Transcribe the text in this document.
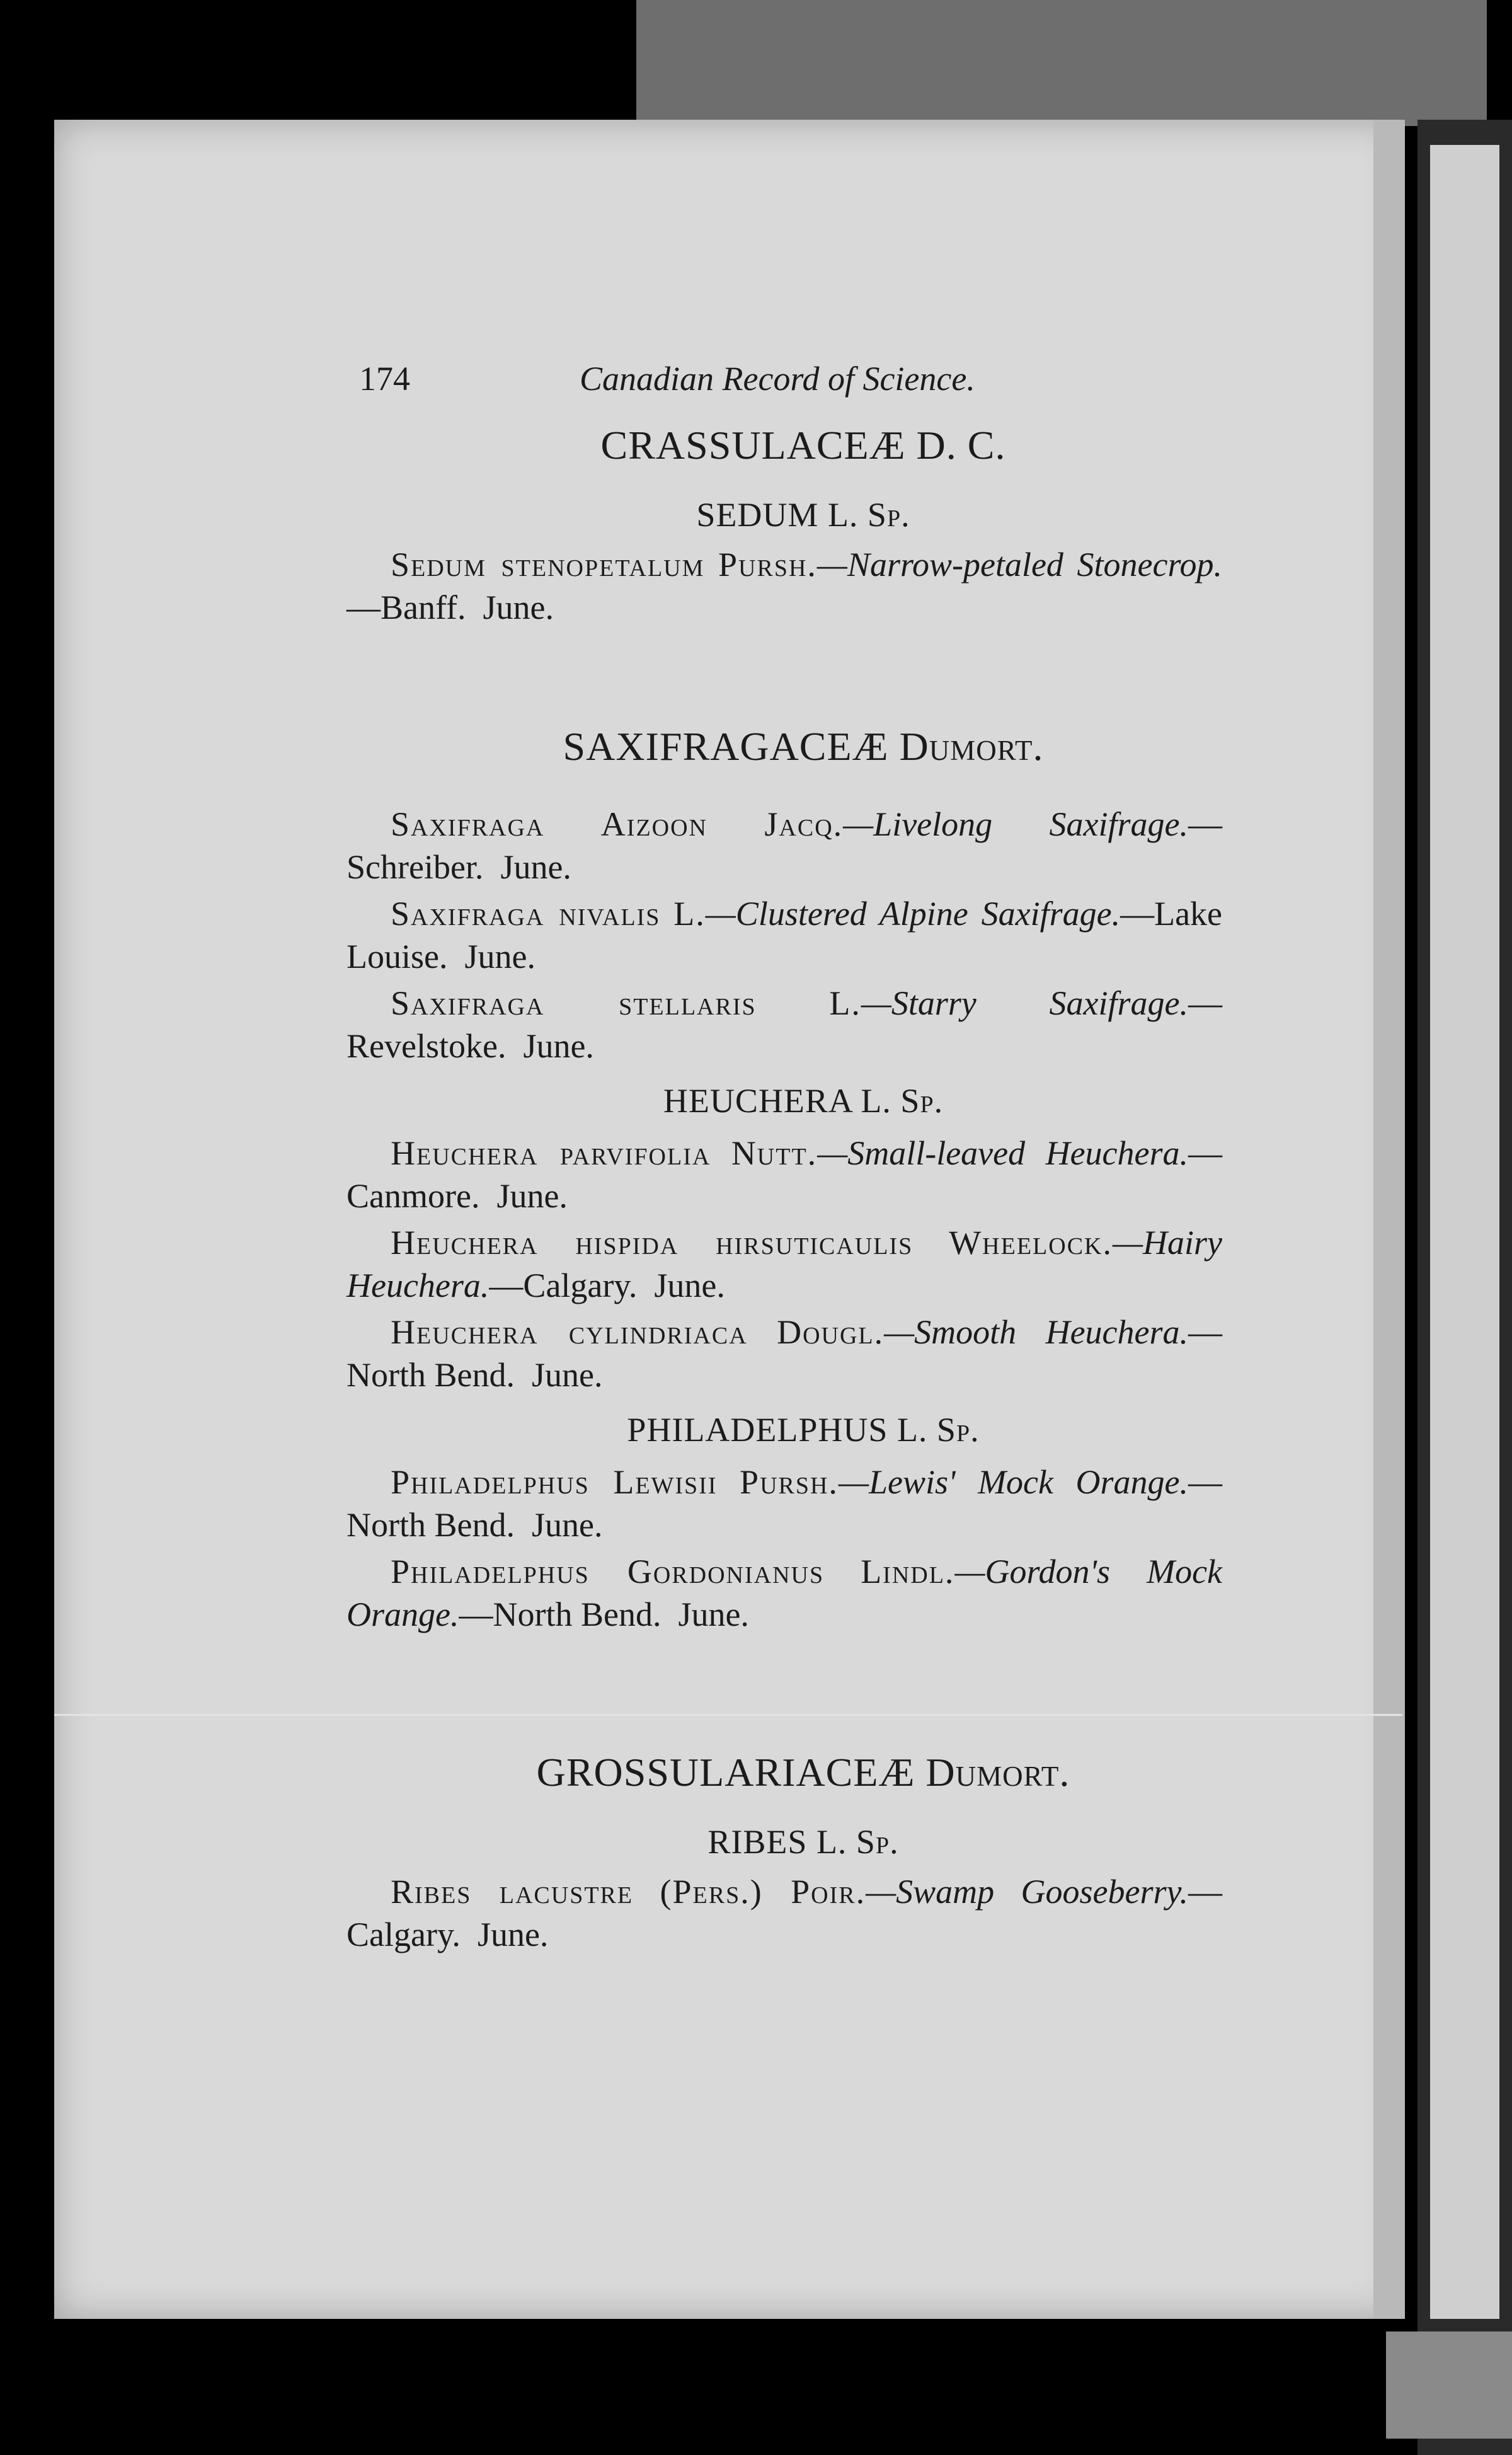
174	Canadian Record of Science.
CRASSULACEÆ D. C.
SEDUM L. Sp.
Sedum stenopetalum Pursh.—Narrow-petaled Stonecrop.—Banff. June.
SAXIFRAGACEÆ Dumort.
Saxifraga Aizoon Jacq.—Livelong Saxifrage.—Schreiber. June.
Saxifraga nivalis L.—Clustered Alpine Saxifrage.—Lake Louise. June.
Saxifraga stellaris L.—Starry Saxifrage.—Revelstoke. June.
HEUCHERA L. Sp.
Heuchera parvifolia Nutt.—Small-leaved Heuchera.—Canmore. June.
Heuchera hispida hirsuticaulis Wheelock.—Hairy Heuchera.—Calgary. June.
Heuchera cylindriaca Dougl.—Smooth Heuchera.—North Bend. June.
PHILADELPHUS L. Sp.
Philadelphus Lewisii Pursh.—Lewis' Mock Orange.—North Bend. June.
Philadelphus Gordonianus Lindl.—Gordon's Mock Orange.—North Bend. June.
GROSSULARIACEÆ Dumort.
RIBES L. Sp.
Ribes lacustre (Pers.) Poir.—Swamp Gooseberry.—Calgary. June.
